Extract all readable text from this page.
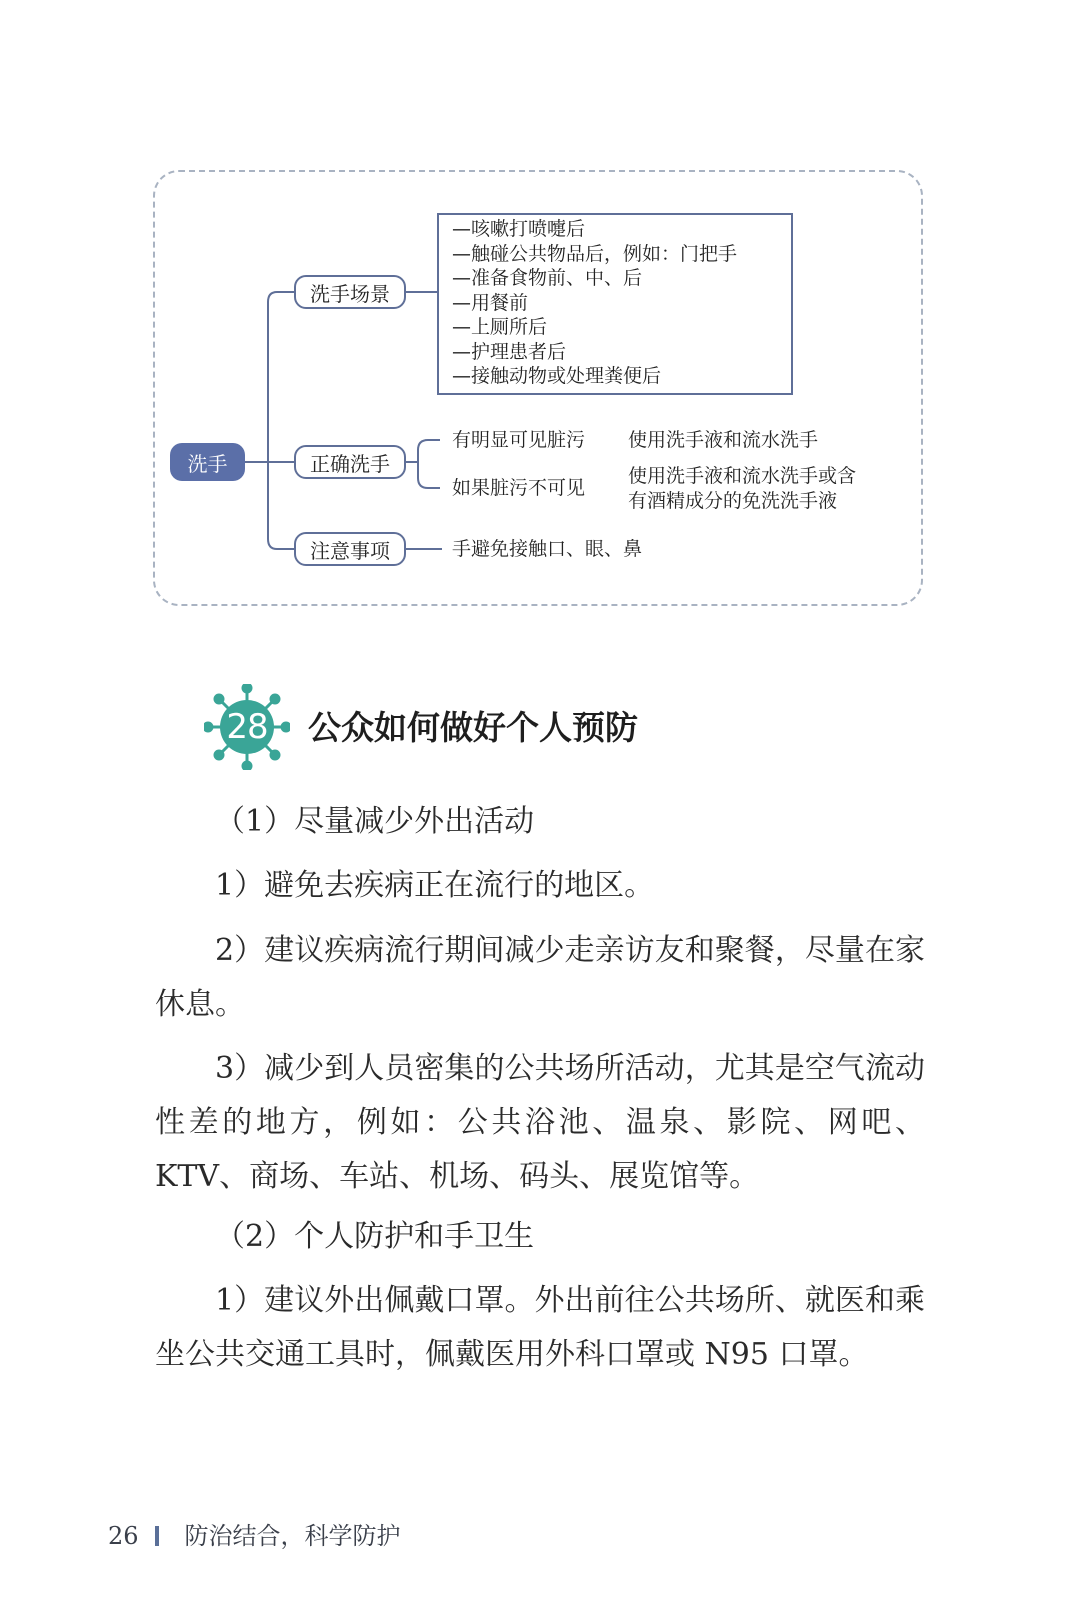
洗手
洗手场景
正确洗手
注意事项
—咳嗽打喷嚏后
—触碰公共物品后，例如：门把手
—准备食物前、中、后
—用餐前
—上厕所后
—护理患者后
—接触动物或处理粪便后
有明显可见脏污 使用洗手液和流水洗手
如果脏污不可见
使用洗手液和流水洗手或含
有酒精成分的免洗洗手液
手避免接触口、眼、鼻
28	公众如何做好个人预防

（1）尽量减少外出活动

1）避免去疾病正在流行的地区。

2）建议疾病流行期间减少走亲访友和聚餐，尽量在家休息。

3）减少到人员密集的公共场所活动，尤其是空气流动性差的地方，例如：公共浴池、温泉、影院、网吧、KTV、商场、车站、机场、码头、展览馆等。

（2）个人防护和手卫生

1）建议外出佩戴口罩。外出前往公共场所、就医和乘坐公共交通工具时，佩戴医用外科口罩或 N95 口罩。

26 防治结合，科学防护
